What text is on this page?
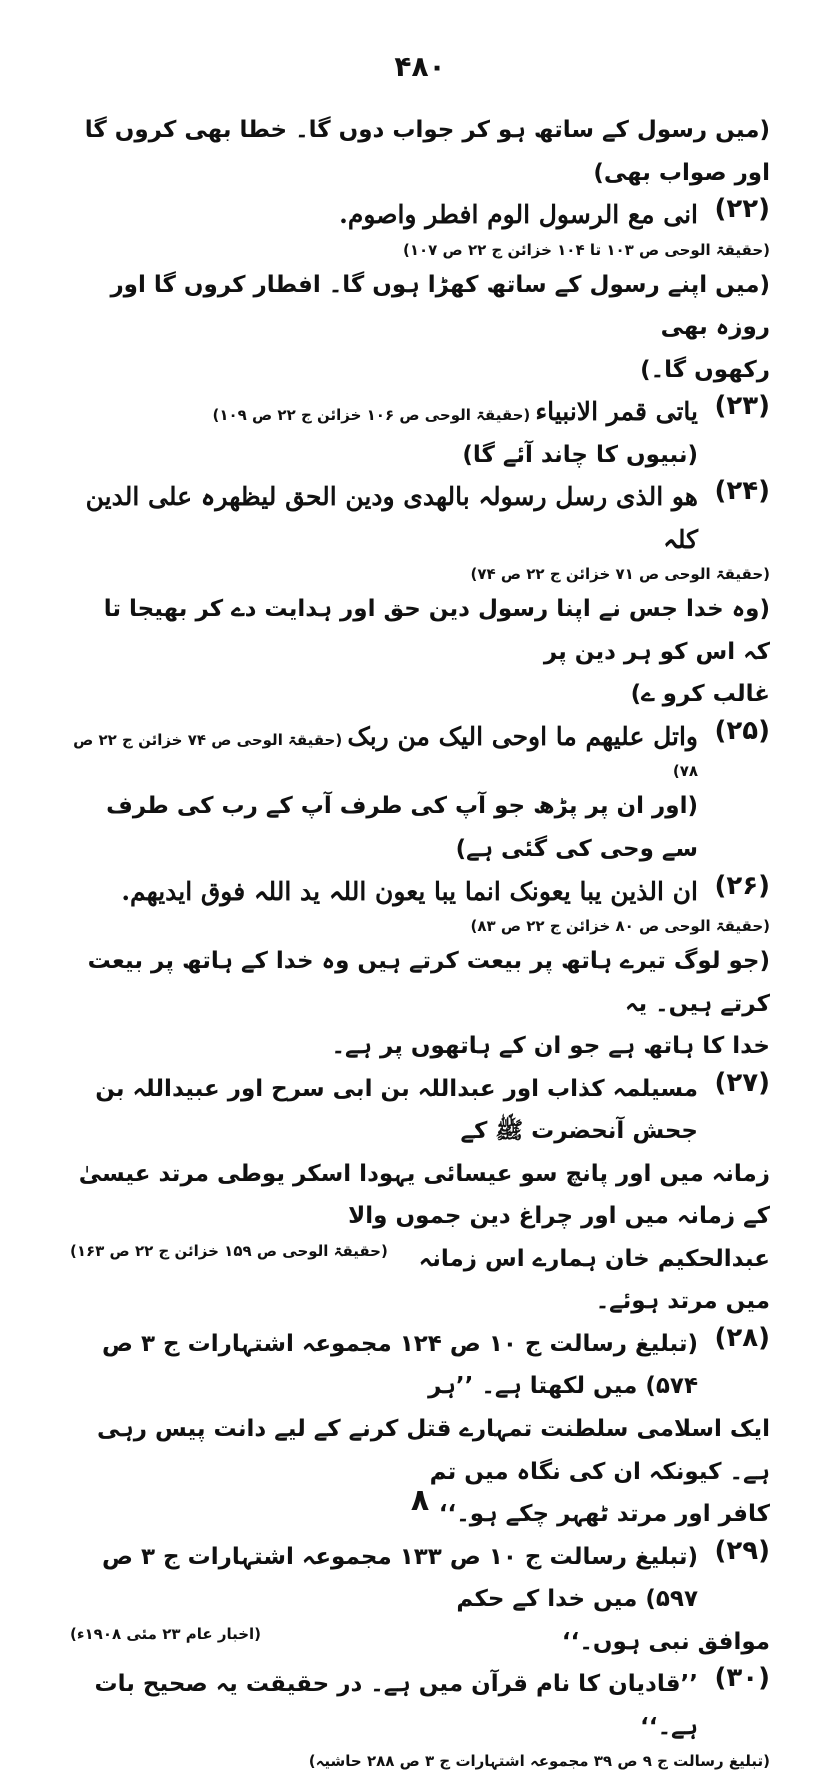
۴۸۰
(میں رسول کے ساتھ ہو کر جواب دوں گا۔ خطا بھی کروں گا اور صواب بھی)
(۲۲)
انی مع الرسول الوم افطر واصوم.
(حقیقۃ الوحی ص ۱۰۳ تا ۱۰۴ خزائن ج ۲۲ ص ۱۰۷)
(میں اپنے رسول کے ساتھ کھڑا ہوں گا۔ افطار کروں گا اور روزہ بھی
رکھوں گا۔)
(۲۳)
یاتی قمر الانبیاء (حقیقۃ الوحی ص ۱۰۶ خزائن ج ۲۲ ص ۱۰۹)
(نبیوں کا چاند آئے گا)
(۲۴)
ھو الذی رسل رسولہ بالھدی ودین الحق لیظھرہ علی الدین کلہ
(حقیقۃ الوحی ص ۷۱ خزائن ج ۲۲ ص ۷۴)
(وہ خدا جس نے اپنا رسول دین حق اور ہدایت دے کر بھیجا تا کہ اس کو ہر دین پر
غالب کرو ے)
(۲۵)
واتل علیھم ما اوحی الیک من ربک (حقیقۃ الوحی ص ۷۴ خزائن ج ۲۲ ص ۷۸)
(اور ان پر پڑھ جو آپ کی طرف آپ کے رب کی طرف سے وحی کی گئی ہے)
(۲۶)
ان الذین یبا یعونک انما یبا یعون اللہ ید اللہ فوق ایدیھم.
(حقیقۃ الوحی ص ۸۰ خزائن ج ۲۲ ص ۸۳)
(جو لوگ تیرے ہاتھ پر بیعت کرتے ہیں وہ خدا کے ہاتھ پر بیعت کرتے ہیں۔ یہ
خدا کا ہاتھ ہے جو ان کے ہاتھوں پر ہے۔
(۲۷)
مسیلمہ کذاب اور عبداللہ بن ابی سرح اور عبیداللہ بن جحش آنحضرت ﷺ کے
زمانہ میں اور پانچ سو عیسائی یہودا اسکر یوطی مرتد عیسیٰ کے زمانہ میں اور چراغ دین جموں والا
عبدالحکیم خان ہمارے اس زمانہ میں مرتد ہوئے۔
(حقیقۃ الوحی ص ۱۵۹ خزائن ج ۲۲ ص ۱۶۳)
(۲۸)
(تبلیغ رسالت ج ۱۰ ص ۱۲۴ مجموعہ اشتہارات ج ۳ ص ۵۷۴) میں لکھتا ہے۔ ’’ہر
ایک اسلامی سلطنت تمہارے قتل کرنے کے لیے دانت پیس رہی ہے۔ کیونکہ ان کی نگاہ میں تم
کافر اور مرتد ٹھہر چکے ہو۔‘‘
(۲۹)
(تبلیغ رسالت ج ۱۰ ص ۱۳۳ مجموعہ اشتہارات ج ۳ ص ۵۹۷) میں خدا کے حکم
موافق نبی ہوں۔‘‘
(اخبار عام ۲۳ مئی ۱۹۰۸ء)
(۳۰)
’’قادیان کا نام قرآن میں ہے۔ در حقیقت یہ صحیح بات ہے۔‘‘
(تبلیغ رسالت ج ۹ ص ۳۹ مجموعہ اشتہارات ج ۳ ص ۲۸۸ حاشیہ)
۸
